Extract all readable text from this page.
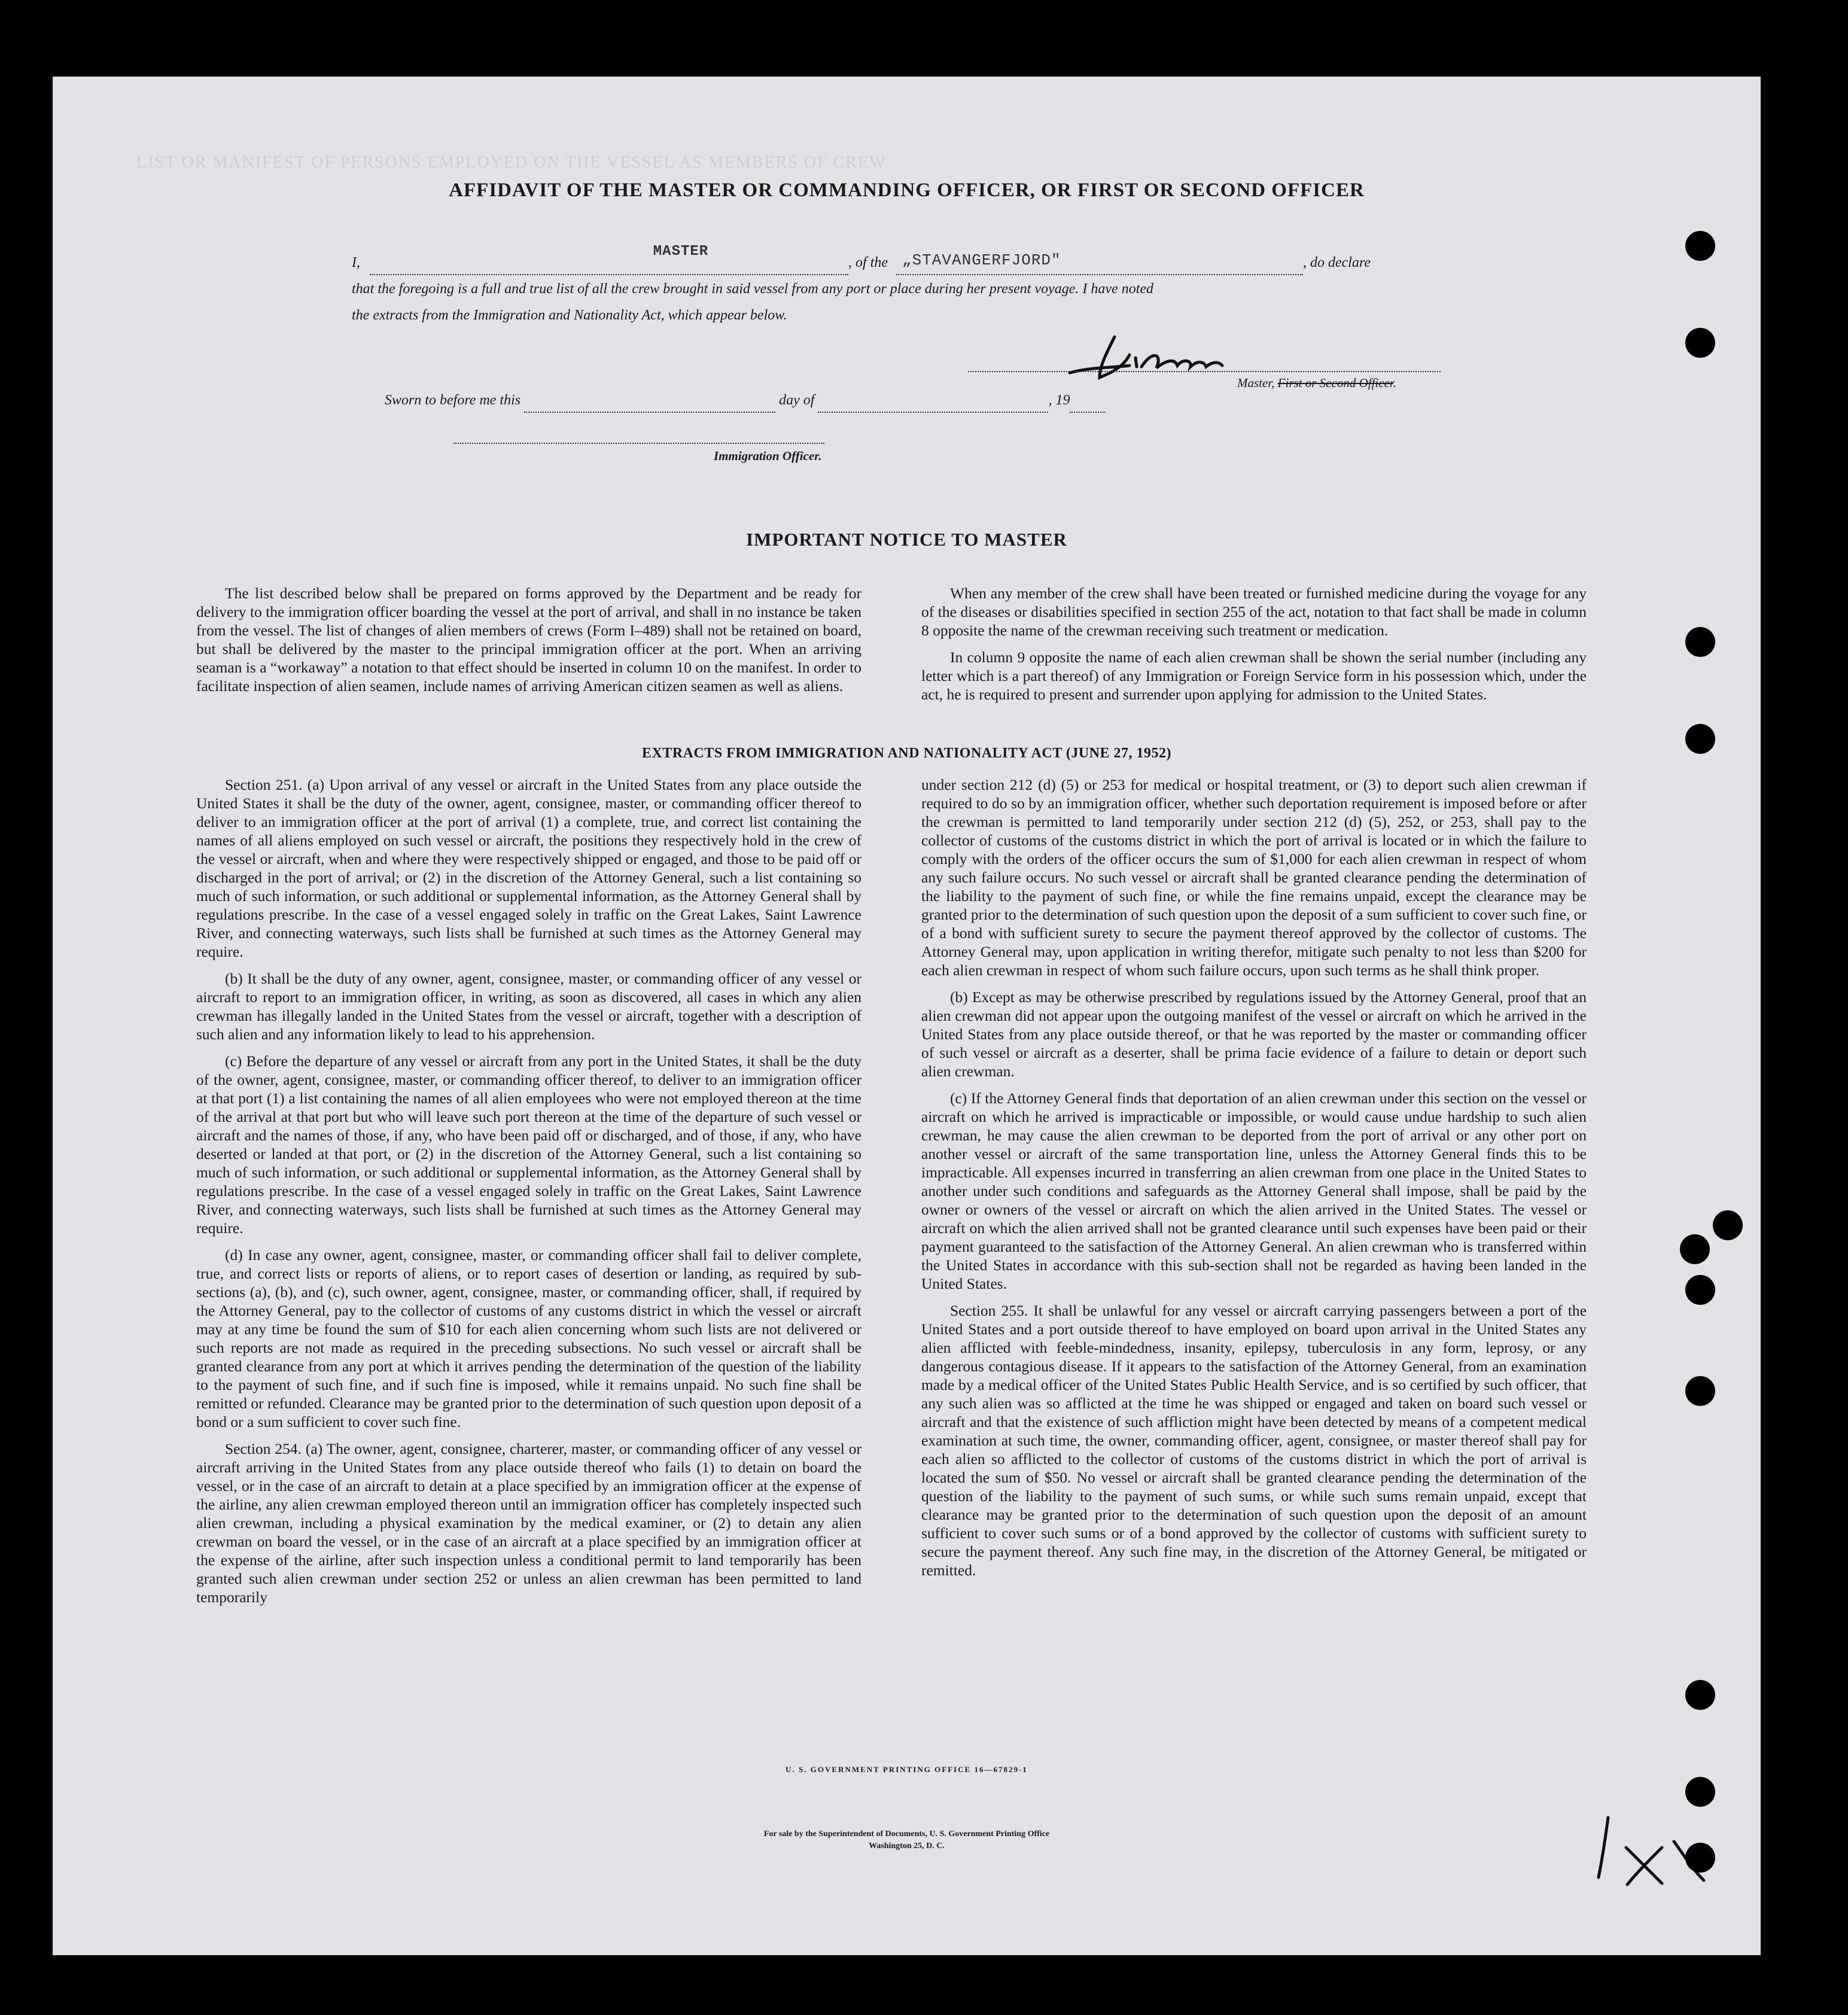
LIST OR MANIFEST OF PERSONS EMPLOYED ON THE VESSEL AS MEMBERS OF CREW
AFFIDAVIT OF THE MASTER OR COMMANDING OFFICER, OR FIRST OR SECOND OFFICER
I,
MASTER
, of the „STAVANGERFJORD"	, do declare
that the foregoing is a full and true list of all the crew brought in said vessel from any port or place during her present voyage. I have noted
the extracts from the Immigration and Nationality Act, which appear below.
Master, First or Second Officer.
Sworn to before me this	day of	, 19
Immigration Officer.
IMPORTANT NOTICE TO MASTER

The list described below shall be prepared on forms approved by the Department and be ready for delivery to the immigration officer boarding the vessel at the port of arrival, and shall in no instance be taken from the vessel. The list of changes of alien members of crews (Form I–489) shall not be retained on board, but shall be delivered by the master to the principal immigration officer at the port. When an arriving seaman is a “workaway” a notation to that effect should be inserted in column 10 on the manifest. In order to facilitate inspection of alien seamen, include names of arriving American citizen seamen as well as aliens.

When any member of the crew shall have been treated or furnished medicine during the voyage for any of the diseases or disabilities specified in section 255 of the act, notation to that fact shall be made in column 8 opposite the name of the crewman receiving such treatment or medication.

In column 9 opposite the name of each alien crewman shall be shown the serial number (including any letter which is a part thereof) of any Immigration or Foreign Service form in his possession which, under the act, he is required to present and surrender upon applying for admission to the United States.

EXTRACTS FROM IMMIGRATION AND NATIONALITY ACT (JUNE 27, 1952)

Section 251. (a) Upon arrival of any vessel or aircraft in the United States from any place outside the United States it shall be the duty of the owner, agent, consignee, master, or commanding officer thereof to deliver to an immigration officer at the port of arrival (1) a complete, true, and correct list containing the names of all aliens employed on such vessel or aircraft, the positions they respectively hold in the crew of the vessel or aircraft, when and where they were respectively shipped or engaged, and those to be paid off or discharged in the port of arrival; or (2) in the discretion of the Attorney General, such a list containing so much of such information, or such additional or supplemental information, as the Attorney General shall by regulations prescribe. In the case of a vessel engaged solely in traffic on the Great Lakes, Saint Lawrence River, and connecting waterways, such lists shall be furnished at such times as the Attorney General may require.

(b) It shall be the duty of any owner, agent, consignee, master, or commanding officer of any vessel or aircraft to report to an immigration officer, in writing, as soon as discovered, all cases in which any alien crewman has illegally landed in the United States from the vessel or aircraft, together with a description of such alien and any information likely to lead to his apprehension.

(c) Before the departure of any vessel or aircraft from any port in the United States, it shall be the duty of the owner, agent, consignee, master, or commanding officer thereof, to deliver to an immigration officer at that port (1) a list containing the names of all alien employees who were not employed thereon at the time of the arrival at that port but who will leave such port thereon at the time of the departure of such vessel or aircraft and the names of those, if any, who have been paid off or discharged, and of those, if any, who have deserted or landed at that port, or (2) in the discretion of the Attorney General, such a list containing so much of such information, or such additional or supplemental information, as the Attorney General shall by regulations prescribe. In the case of a vessel engaged solely in traffic on the Great Lakes, Saint Lawrence River, and connecting waterways, such lists shall be furnished at such times as the Attorney General may require.

(d) In case any owner, agent, consignee, master, or commanding officer shall fail to deliver complete, true, and correct lists or reports of aliens, or to report cases of desertion or landing, as required by sub-sections (a), (b), and (c), such owner, agent, consignee, master, or commanding officer, shall, if required by the Attorney General, pay to the collector of customs of any customs district in which the vessel or aircraft may at any time be found the sum of $10 for each alien concerning whom such lists are not delivered or such reports are not made as required in the preceding subsections. No such vessel or aircraft shall be granted clearance from any port at which it arrives pending the determination of the question of the liability to the payment of such fine, and if such fine is imposed, while it remains unpaid. No such fine shall be remitted or refunded. Clearance may be granted prior to the determination of such question upon deposit of a bond or a sum sufficient to cover such fine.

Section 254. (a) The owner, agent, consignee, charterer, master, or commanding officer of any vessel or aircraft arriving in the United States from any place outside thereof who fails (1) to detain on board the vessel, or in the case of an aircraft to detain at a place specified by an immigration officer at the expense of the airline, any alien crewman employed thereon until an immigration officer has completely inspected such alien crewman, including a physical examination by the medical examiner, or (2) to detain any alien crewman on board the vessel, or in the case of an aircraft at a place specified by an immigration officer at the expense of the airline, after such inspection unless a conditional permit to land temporarily has been granted such alien crewman under section 252 or unless an alien crewman has been permitted to land temporarily

under section 212 (d) (5) or 253 for medical or hospital treatment, or (3) to deport such alien crewman if required to do so by an immigration officer, whether such deportation requirement is imposed before or after the crewman is permitted to land temporarily under section 212 (d) (5), 252, or 253, shall pay to the collector of customs of the customs district in which the port of arrival is located or in which the failure to comply with the orders of the officer occurs the sum of $1,000 for each alien crewman in respect of whom any such failure occurs. No such vessel or aircraft shall be granted clearance pending the determination of the liability to the payment of such fine, or while the fine remains unpaid, except the clearance may be granted prior to the determination of such question upon the deposit of a sum sufficient to cover such fine, or of a bond with sufficient surety to secure the payment thereof approved by the collector of customs. The Attorney General may, upon application in writing therefor, mitigate such penalty to not less than $200 for each alien crewman in respect of whom such failure occurs, upon such terms as he shall think proper.

(b) Except as may be otherwise prescribed by regulations issued by the Attorney General, proof that an alien crewman did not appear upon the outgoing manifest of the vessel or aircraft on which he arrived in the United States from any place outside thereof, or that he was reported by the master or commanding officer of such vessel or aircraft as a deserter, shall be prima facie evidence of a failure to detain or deport such alien crewman.

(c) If the Attorney General finds that deportation of an alien crewman under this section on the vessel or aircraft on which he arrived is impracticable or impossible, or would cause undue hardship to such alien crewman, he may cause the alien crewman to be deported from the port of arrival or any other port on another vessel or aircraft of the same transportation line, unless the Attorney General finds this to be impracticable. All expenses incurred in transferring an alien crewman from one place in the United States to another under such conditions and safeguards as the Attorney General shall impose, shall be paid by the owner or owners of the vessel or aircraft on which the alien arrived in the United States. The vessel or aircraft on which the alien arrived shall not be granted clearance until such expenses have been paid or their payment guaranteed to the satisfaction of the Attorney General. An alien crewman who is transferred within the United States in accordance with this sub-section shall not be regarded as having been landed in the United States.

Section 255. It shall be unlawful for any vessel or aircraft carrying passengers between a port of the United States and a port outside thereof to have employed on board upon arrival in the United States any alien afflicted with feeble-mindedness, insanity, epilepsy, tuberculosis in any form, leprosy, or any dangerous contagious disease. If it appears to the satisfaction of the Attorney General, from an examination made by a medical officer of the United States Public Health Service, and is so certified by such officer, that any such alien was so afflicted at the time he was shipped or engaged and taken on board such vessel or aircraft and that the existence of such affliction might have been detected by means of a competent medical examination at such time, the owner, commanding officer, agent, consignee, or master thereof shall pay for each alien so afflicted to the collector of customs of the customs district in which the port of arrival is located the sum of $50. No vessel or aircraft shall be granted clearance pending the determination of the question of the liability to the payment of such sums, or while such sums remain unpaid, except that clearance may be granted prior to the determination of such question upon the deposit of an amount sufficient to cover such sums or of a bond approved by the collector of customs with sufficient surety to secure the payment thereof. Any such fine may, in the discretion of the Attorney General, be mitigated or remitted.

U. S. GOVERNMENT PRINTING OFFICE 16—67829-1
For sale by the Superintendent of Documents, U. S. Government Printing Office
Washington 25, D. C.
